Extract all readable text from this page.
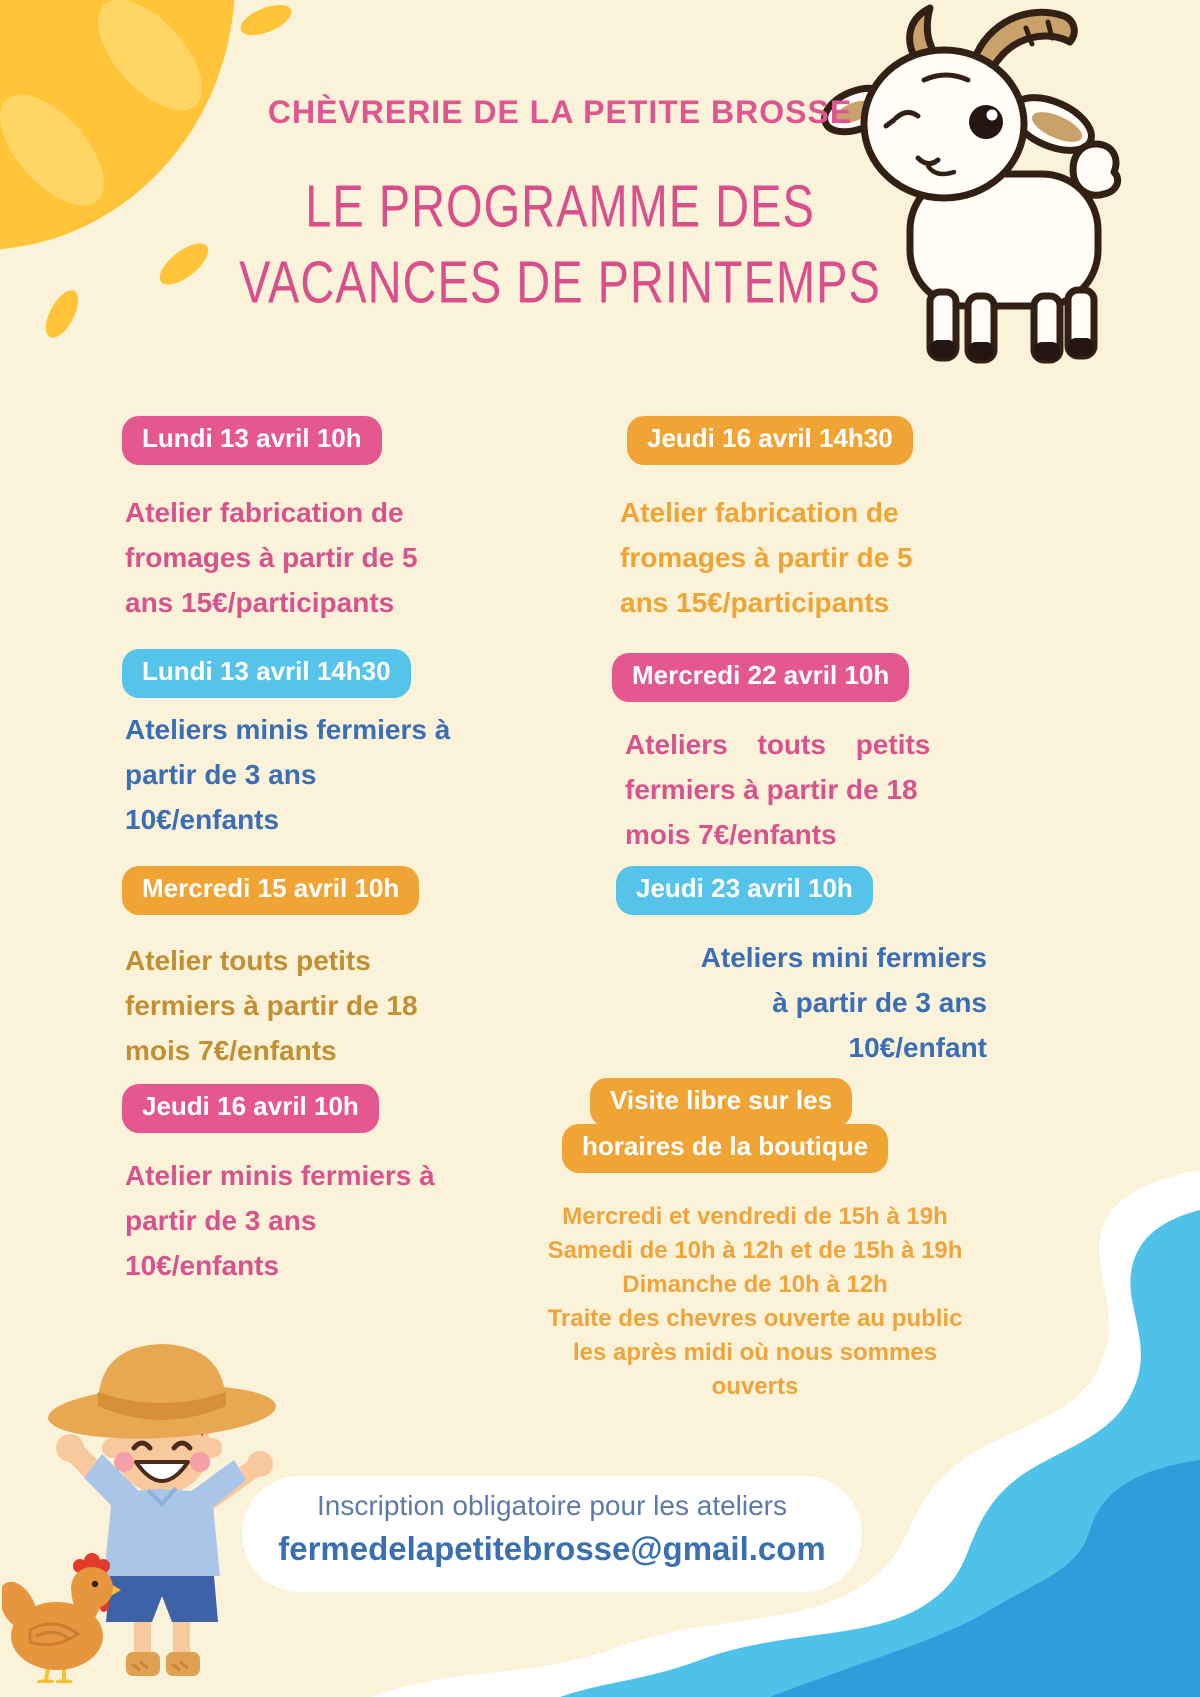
CHÈVRERIE DE LA PETITE BROSSE
LE PROGRAMME DES
VACANCES DE PRINTEMPS
Lundi 13 avril 10h
Atelier fabrication de
fromages à partir de 5
ans 15€/participants
Lundi 13 avril 14h30
Ateliers minis fermiers à
partir de 3 ans
10€/enfants
Mercredi 15 avril 10h
Atelier touts petits
fermiers à partir de 18
mois 7€/enfants
Jeudi 16 avril 10h
Atelier minis fermiers à
partir de 3 ans
10€/enfants
Jeudi 16 avril 14h30
Atelier fabrication de
fromages à partir de 5
ans 15€/participants
Mercredi 22 avril 10h
Ateliers touts petits
fermiers à partir de 18
mois 7€/enfants
Jeudi 23 avril 10h
Ateliers mini fermiers
à partir de 3 ans
10€/enfant
Visite libre sur les
horaires de la boutique
Mercredi et vendredi de 15h à 19h
Samedi de 10h à 12h et de 15h à 19h
Dimanche de 10h à 12h
Traite des chevres ouverte au public
les après midi où nous sommes
ouverts
Inscription obligatoire pour les ateliers
fermedelapetitebrosse@gmail.com
